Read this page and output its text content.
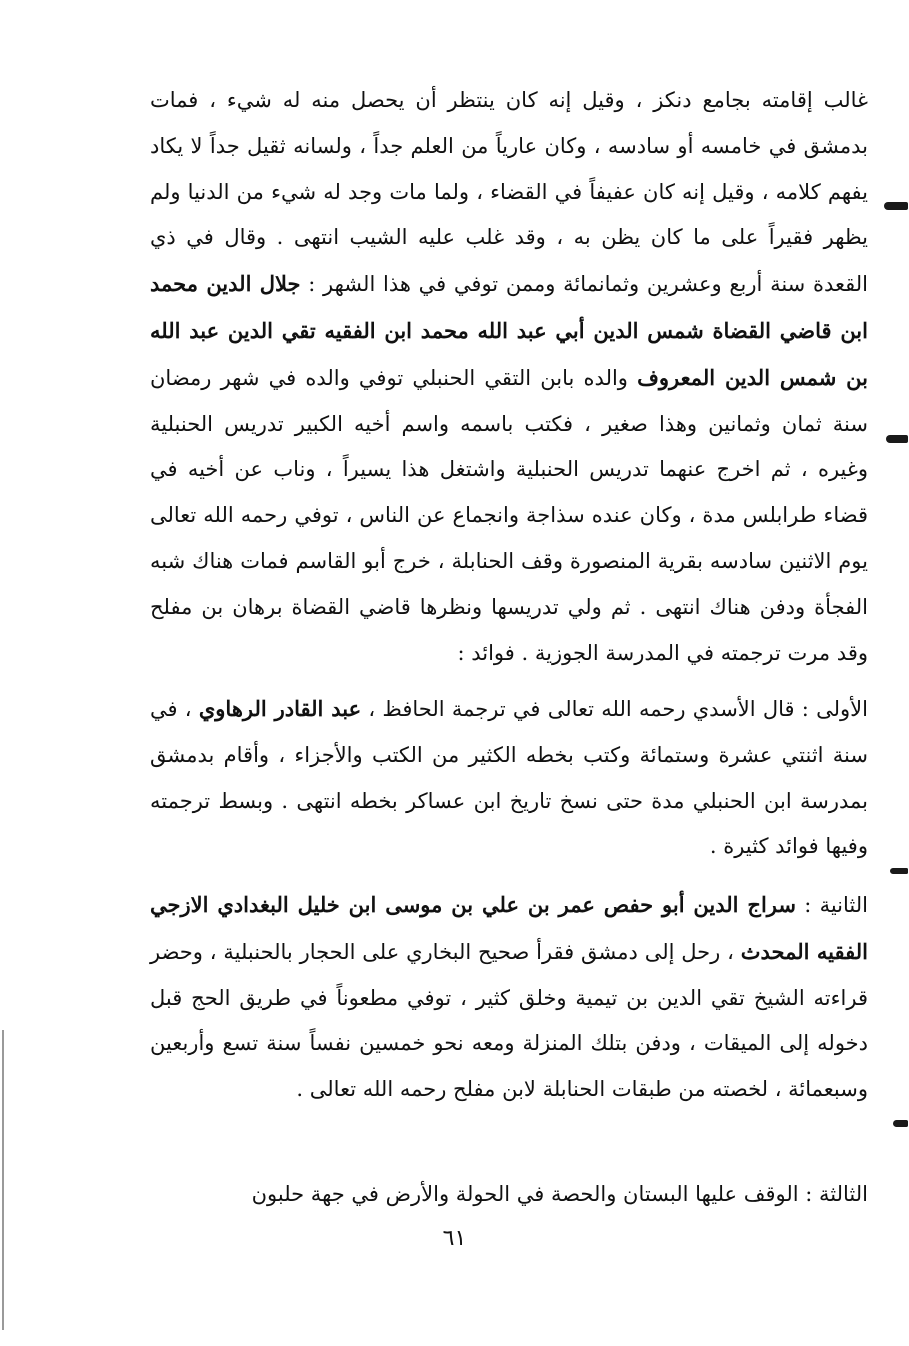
غالب إقامته بجامع دنكز ، وقيل إنه كان ينتظر أن يحصل منه له شيء ، فمات بدمشق في خامسه أو سادسه ، وكان عارياً من العلم جداً ، ولسانه ثقيل جداً لا يكاد يفهم كلامه ، وقيل إنه كان عفيفاً في القضاء ، ولما مات وجد له شيء من الدنيا ولم يظهر فقيراً على ما كان يظن به ، وقد غلب عليه الشيب انتهى . وقال في ذي القعدة سنة أربع وعشرين وثمانمائة وممن توفي في هذا الشهر : جلال الدين محمد ابن قاضي القضاة شمس الدين أبي عبد الله محمد ابن الفقيه تقي الدين عبد الله بن شمس الدين المعروف والده بابن التقي الحنبلي توفي والده في شهر رمضان سنة ثمان وثمانين وهذا صغير ، فكتب باسمه واسم أخيه الكبير تدريس الحنبلية وغيره ، ثم اخرج عنهما تدريس الحنبلية واشتغل هذا يسيراً ، وناب عن أخيه في قضاء طرابلس مدة ، وكان عنده سذاجة وانجماع عن الناس ، توفي رحمه الله تعالى يوم الاثنين سادسه بقرية المنصورة وقف الحنابلة ، خرج أبو القاسم فمات هناك شبه الفجأة ودفن هناك انتهى . ثم ولي تدريسها ونظرها قاضي القضاة برهان بن مفلح وقد مرت ترجمته في المدرسة الجوزية . فوائد :

الأولى : قال الأسدي رحمه الله تعالى في ترجمة الحافظ ، عبد القادر الرهاوي ، في سنة اثنتي عشرة وستمائة وكتب بخطه الكثير من الكتب والأجزاء ، وأقام بدمشق بمدرسة ابن الحنبلي مدة حتى نسخ تاريخ ابن عساكر بخطه انتهى . وبسط ترجمته وفيها فوائد كثيرة .

الثانية : سراج الدين أبو حفص عمر بن علي بن موسى ابن خليل البغدادي الازجي الفقيه المحدث ، رحل إلى دمشق فقرأ صحيح البخاري على الحجار بالحنبلية ، وحضر قراءته الشيخ تقي الدين بن تيمية وخلق كثير ، توفي مطعوناً في طريق الحج قبل دخوله إلى الميقات ، ودفن بتلك المنزلة ومعه نحو خمسين نفساً سنة تسع وأربعين وسبعمائة ، لخصته من طبقات الحنابلة لابن مفلح رحمه الله تعالى .

الثالثة : الوقف عليها البستان والحصة في الحولة والأرض في جهة حلبون

٦١
